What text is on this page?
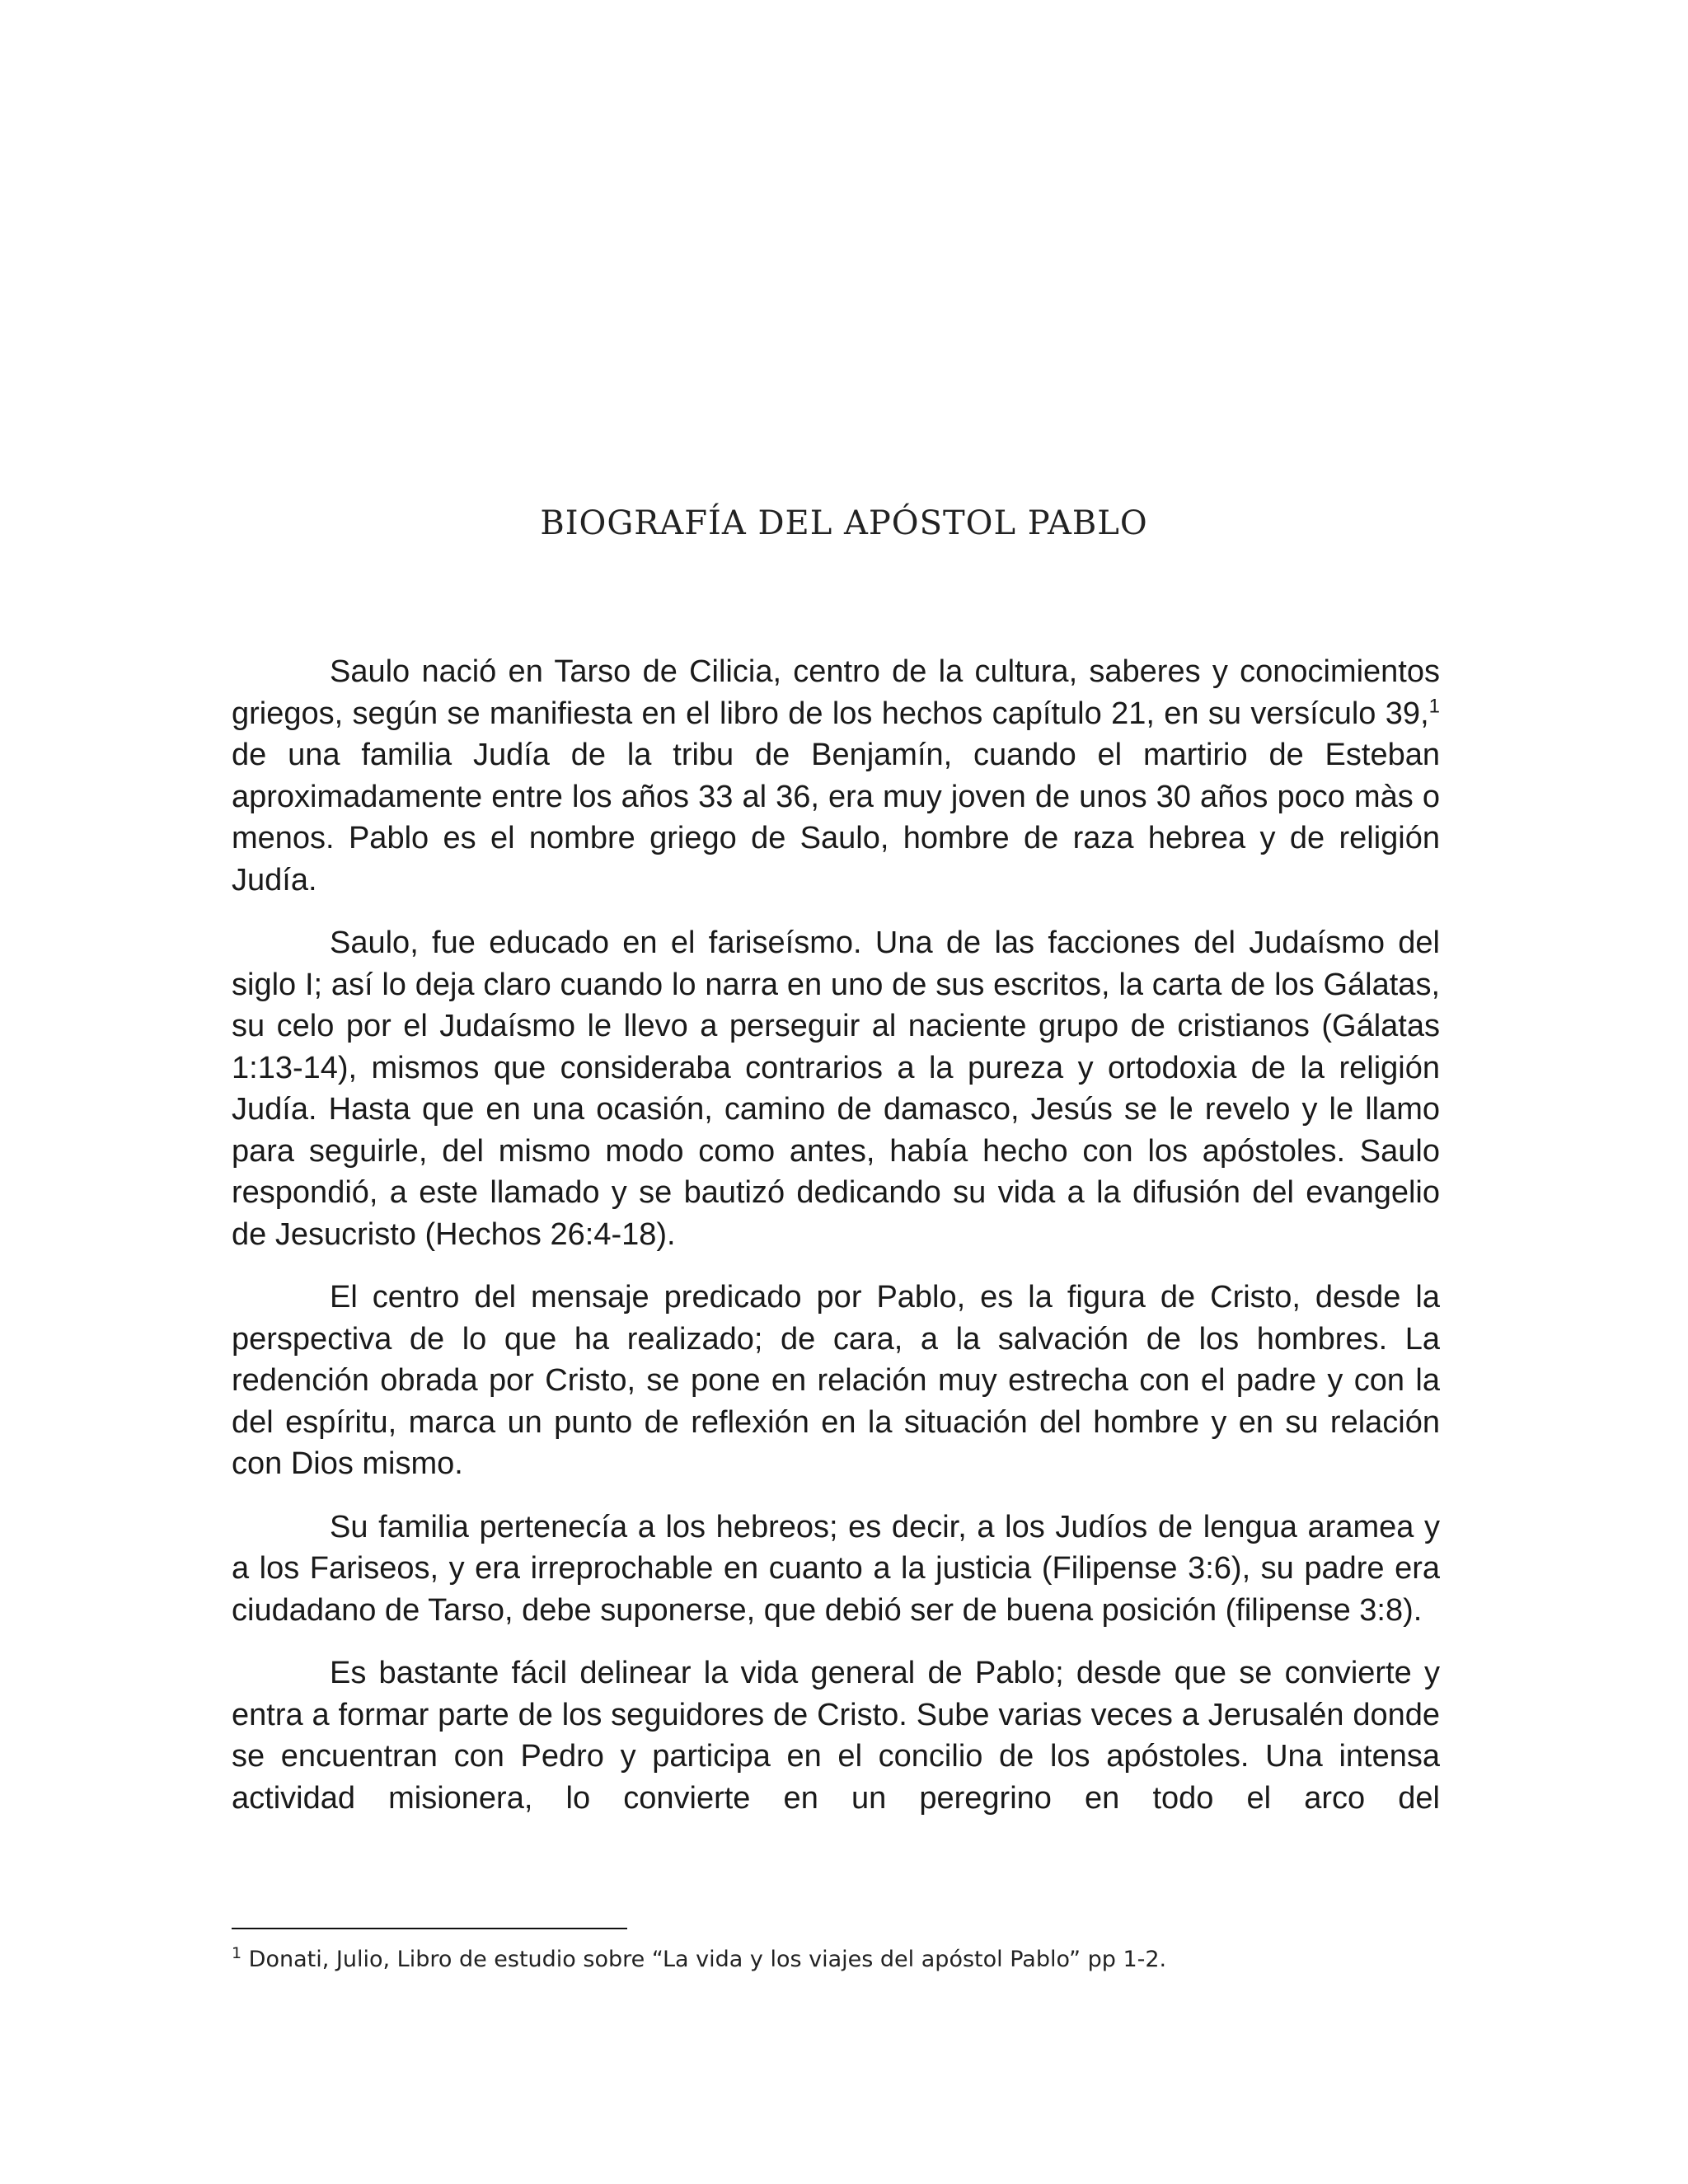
BIOGRAFÍA DEL APÓSTOL PABLO

Saulo nació en Tarso de Cilicia, centro de la cultura, saberes y conocimientos griegos, según se manifiesta en el libro de los hechos capítulo 21, en su versículo 39,$^1$ de una familia Judía de la tribu de Benjamín, cuando el martirio de Esteban aproximadamente entre los años 33 al 36, era muy joven de unos 30 años poco màs o menos. Pablo es el nombre griego de Saulo, hombre de raza hebrea y de religión Judía.

Saulo, fue educado en el fariseísmo. Una de las facciones del Judaísmo del siglo I; así lo deja claro cuando lo narra en uno de sus escritos, la carta de los Gálatas, su celo por el Judaísmo le llevo a perseguir al naciente grupo de cristianos (Gálatas 1:13-14), mismos que consideraba contrarios a la pureza y ortodoxia de la religión Judía. Hasta que en una ocasión, camino de damasco, Jesús se le revelo y le llamo para seguirle, del mismo modo como antes, había hecho con los apóstoles. Saulo respondió, a este llamado y se bautizó dedicando su vida a la difusión del evangelio de Jesucristo (Hechos 26:4-18).

El centro del mensaje predicado por Pablo, es la figura de Cristo, desde la perspectiva de lo que ha realizado; de cara, a la salvación de los hombres. La redención obrada por Cristo, se pone en relación muy estrecha con el padre y con la del espíritu, marca un punto de reflexión en la situación del hombre y en su relación con Dios mismo.

Su familia pertenecía a los hebreos; es decir, a los Judíos de lengua aramea y a los Fariseos, y era irreprochable en cuanto a la justicia (Filipense 3:6), su padre era ciudadano de Tarso, debe suponerse, que debió ser de buena posición (filipense 3:8).

Es bastante fácil delinear la vida general de Pablo; desde que se convierte y entra a formar parte de los seguidores de Cristo. Sube varias veces a Jerusalén donde se encuentran con Pedro y participa en el concilio de los apóstoles. Una intensa actividad misionera, lo convierte en un peregrino en todo el arco del

$^1$ Donati, Julio, Libro de estudio sobre “La vida y los viajes del apóstol Pablo” pp 1-2.
